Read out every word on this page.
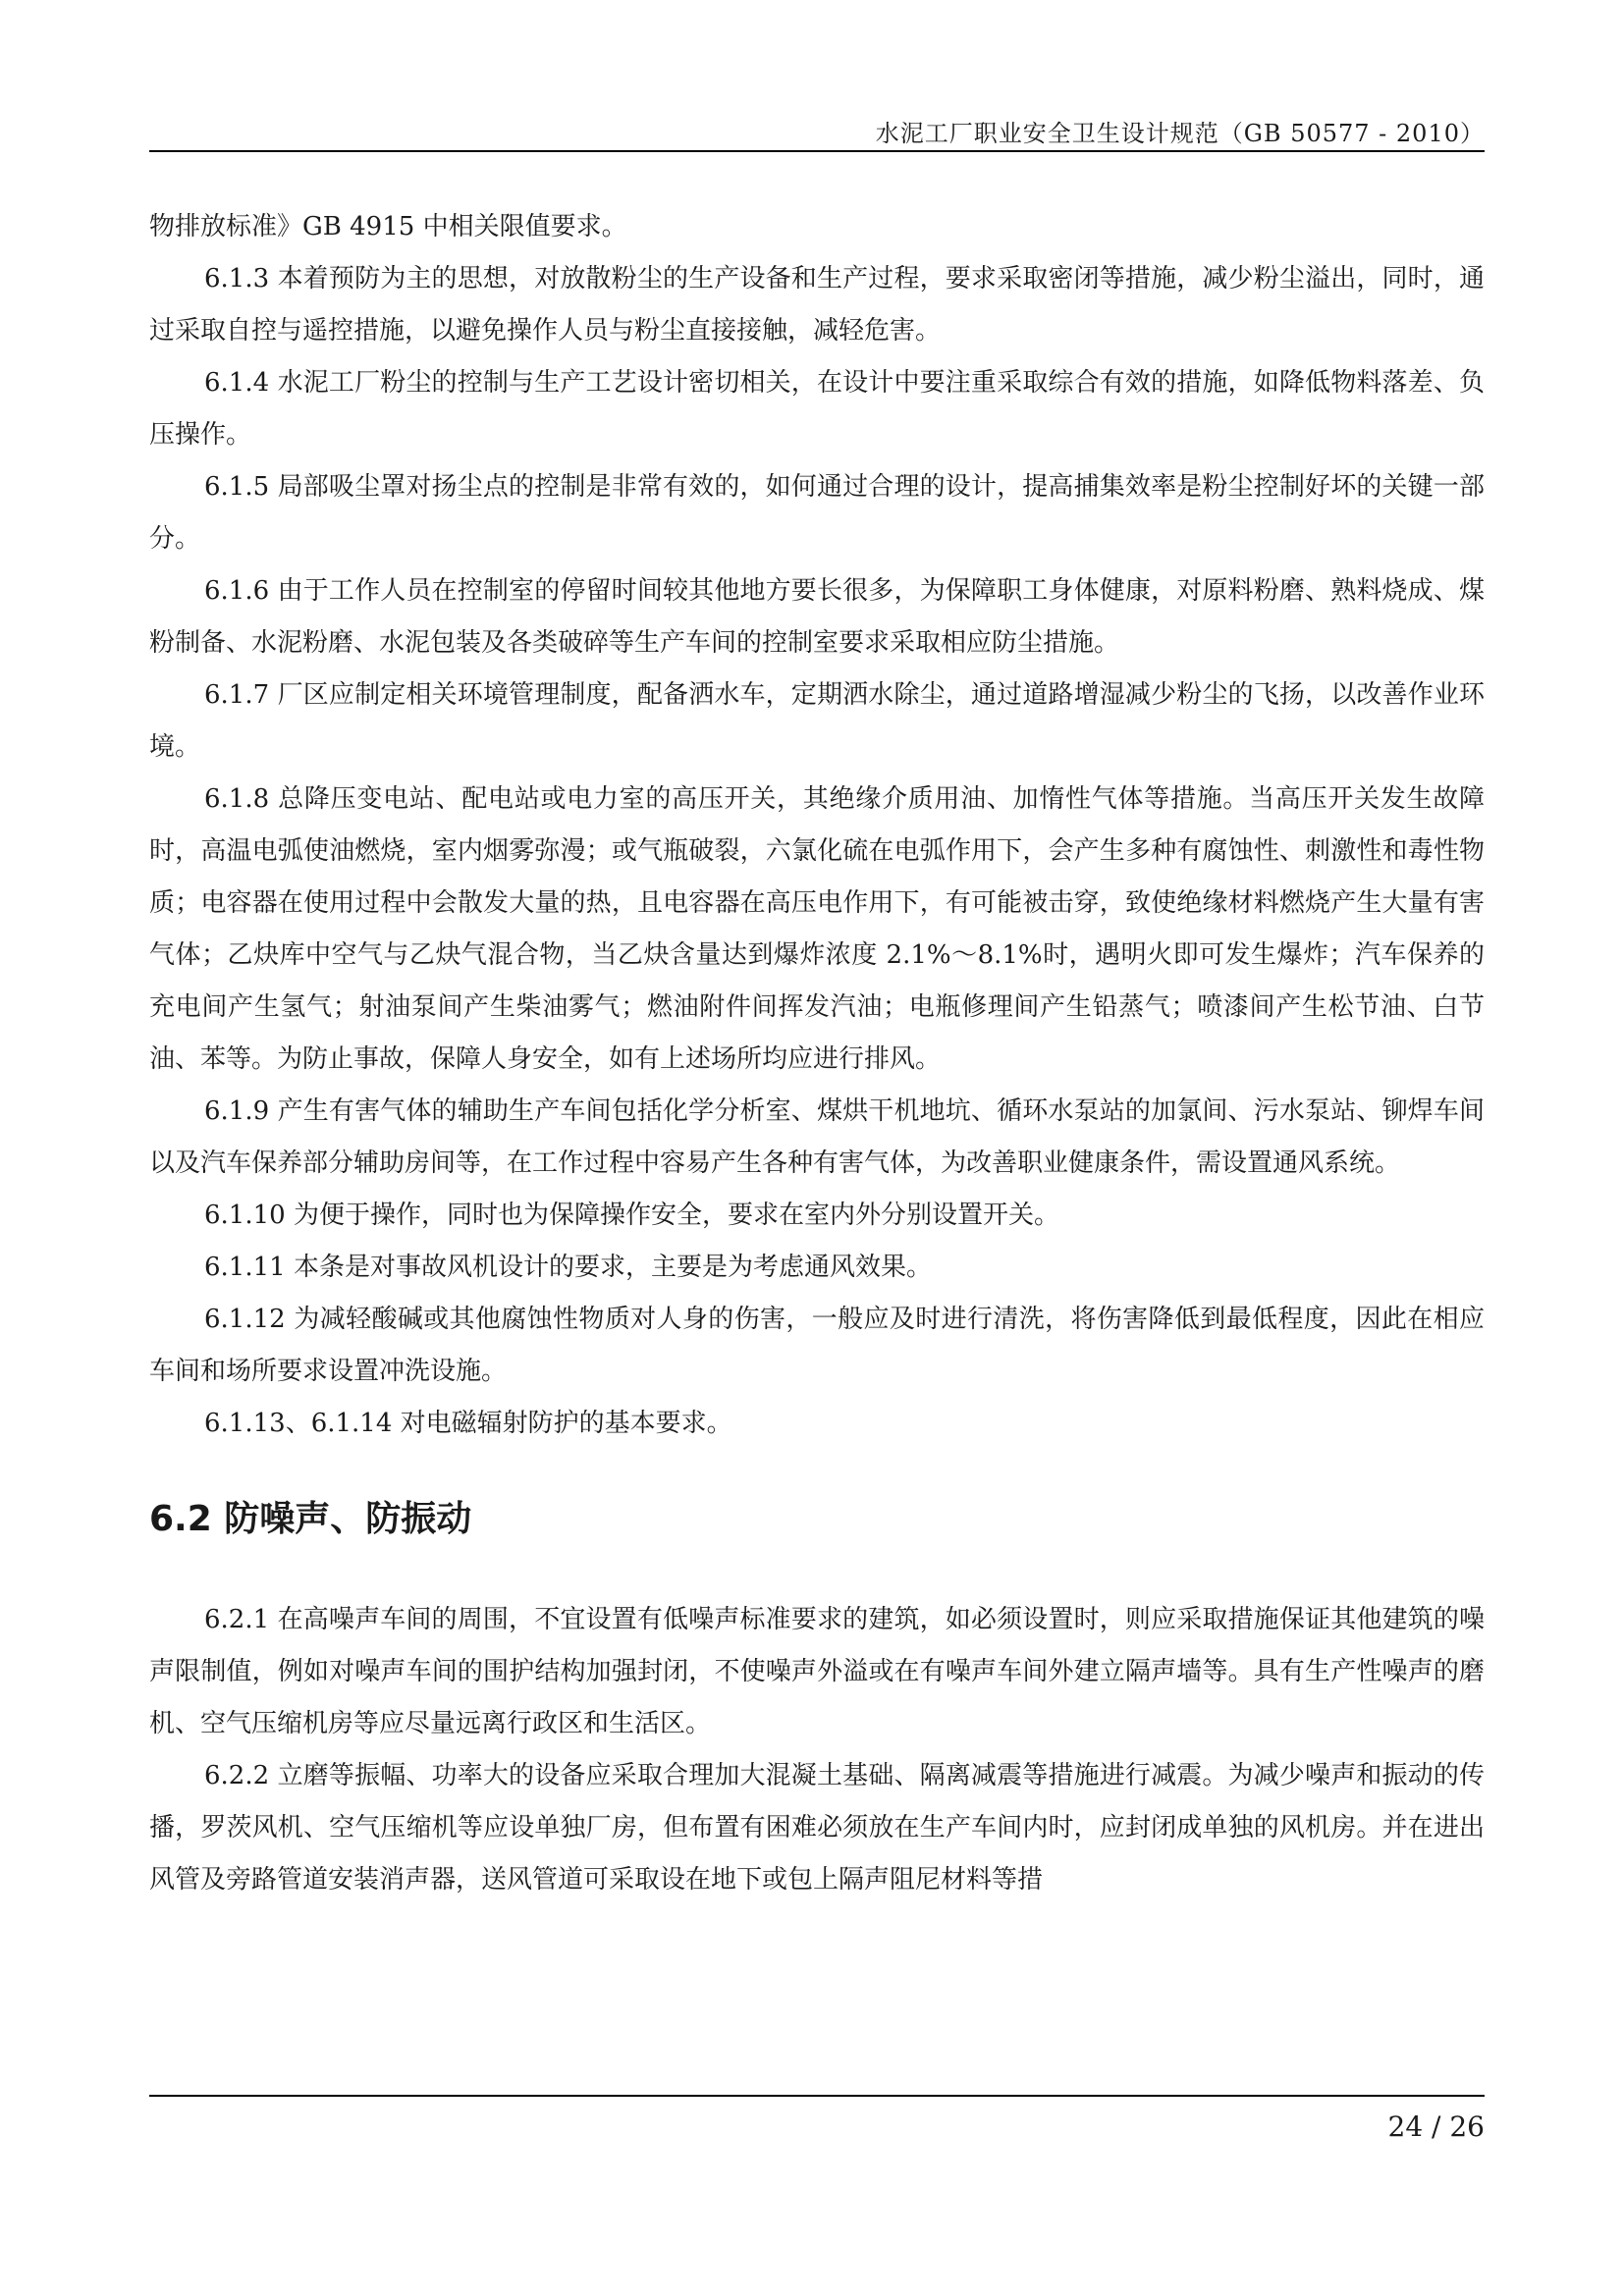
水泥工厂职业安全卫生设计规范（GB 50577 - 2010）

物排放标准》GB 4915 中相关限值要求。

6.1.3 本着预防为主的思想，对放散粉尘的生产设备和生产过程，要求采取密闭等措施，减少粉尘溢出，同时，通过采取自控与遥控措施，以避免操作人员与粉尘直接接触，减轻危害。

6.1.4 水泥工厂粉尘的控制与生产工艺设计密切相关，在设计中要注重采取综合有效的措施，如降低物料落差、负压操作。

6.1.5 局部吸尘罩对扬尘点的控制是非常有效的，如何通过合理的设计，提高捕集效率是粉尘控制好坏的关键一部分。

6.1.6 由于工作人员在控制室的停留时间较其他地方要长很多，为保障职工身体健康，对原料粉磨、熟料烧成、煤粉制备、水泥粉磨、水泥包装及各类破碎等生产车间的控制室要求采取相应防尘措施。

6.1.7 厂区应制定相关环境管理制度，配备洒水车，定期洒水除尘，通过道路增湿减少粉尘的飞扬，以改善作业环境。

6.1.8 总降压变电站、配电站或电力室的高压开关，其绝缘介质用油、加惰性气体等措施。当高压开关发生故障时，高温电弧使油燃烧，室内烟雾弥漫；或气瓶破裂，六氯化硫在电弧作用下，会产生多种有腐蚀性、刺激性和毒性物质；电容器在使用过程中会散发大量的热，且电容器在高压电作用下，有可能被击穿，致使绝缘材料燃烧产生大量有害气体；乙炔库中空气与乙炔气混合物，当乙炔含量达到爆炸浓度 2.1%～8.1%时，遇明火即可发生爆炸；汽车保养的充电间产生氢气；射油泵间产生柴油雾气；燃油附件间挥发汽油；电瓶修理间产生铅蒸气；喷漆间产生松节油、白节油、苯等。为防止事故，保障人身安全，如有上述场所均应进行排风。

6.1.9 产生有害气体的辅助生产车间包括化学分析室、煤烘干机地坑、循环水泵站的加氯间、污水泵站、铆焊车间以及汽车保养部分辅助房间等，在工作过程中容易产生各种有害气体，为改善职业健康条件，需设置通风系统。

6.1.10 为便于操作，同时也为保障操作安全，要求在室内外分别设置开关。

6.1.11 本条是对事故风机设计的要求，主要是为考虑通风效果。

6.1.12 为减轻酸碱或其他腐蚀性物质对人身的伤害，一般应及时进行清洗，将伤害降低到最低程度，因此在相应车间和场所要求设置冲洗设施。

6.1.13、6.1.14 对电磁辐射防护的基本要求。

6.2 防噪声、防振动

6.2.1 在高噪声车间的周围，不宜设置有低噪声标准要求的建筑，如必须设置时，则应采取措施保证其他建筑的噪声限制值，例如对噪声车间的围护结构加强封闭，不使噪声外溢或在有噪声车间外建立隔声墙等。具有生产性噪声的磨机、空气压缩机房等应尽量远离行政区和生活区。

6.2.2 立磨等振幅、功率大的设备应采取合理加大混凝土基础、隔离减震等措施进行减震。为减少噪声和振动的传播，罗茨风机、空气压缩机等应设单独厂房，但布置有困难必须放在生产车间内时，应封闭成单独的风机房。并在进出风管及旁路管道安装消声器，送风管道可采取设在地下或包上隔声阻尼材料等措

24 / 26
